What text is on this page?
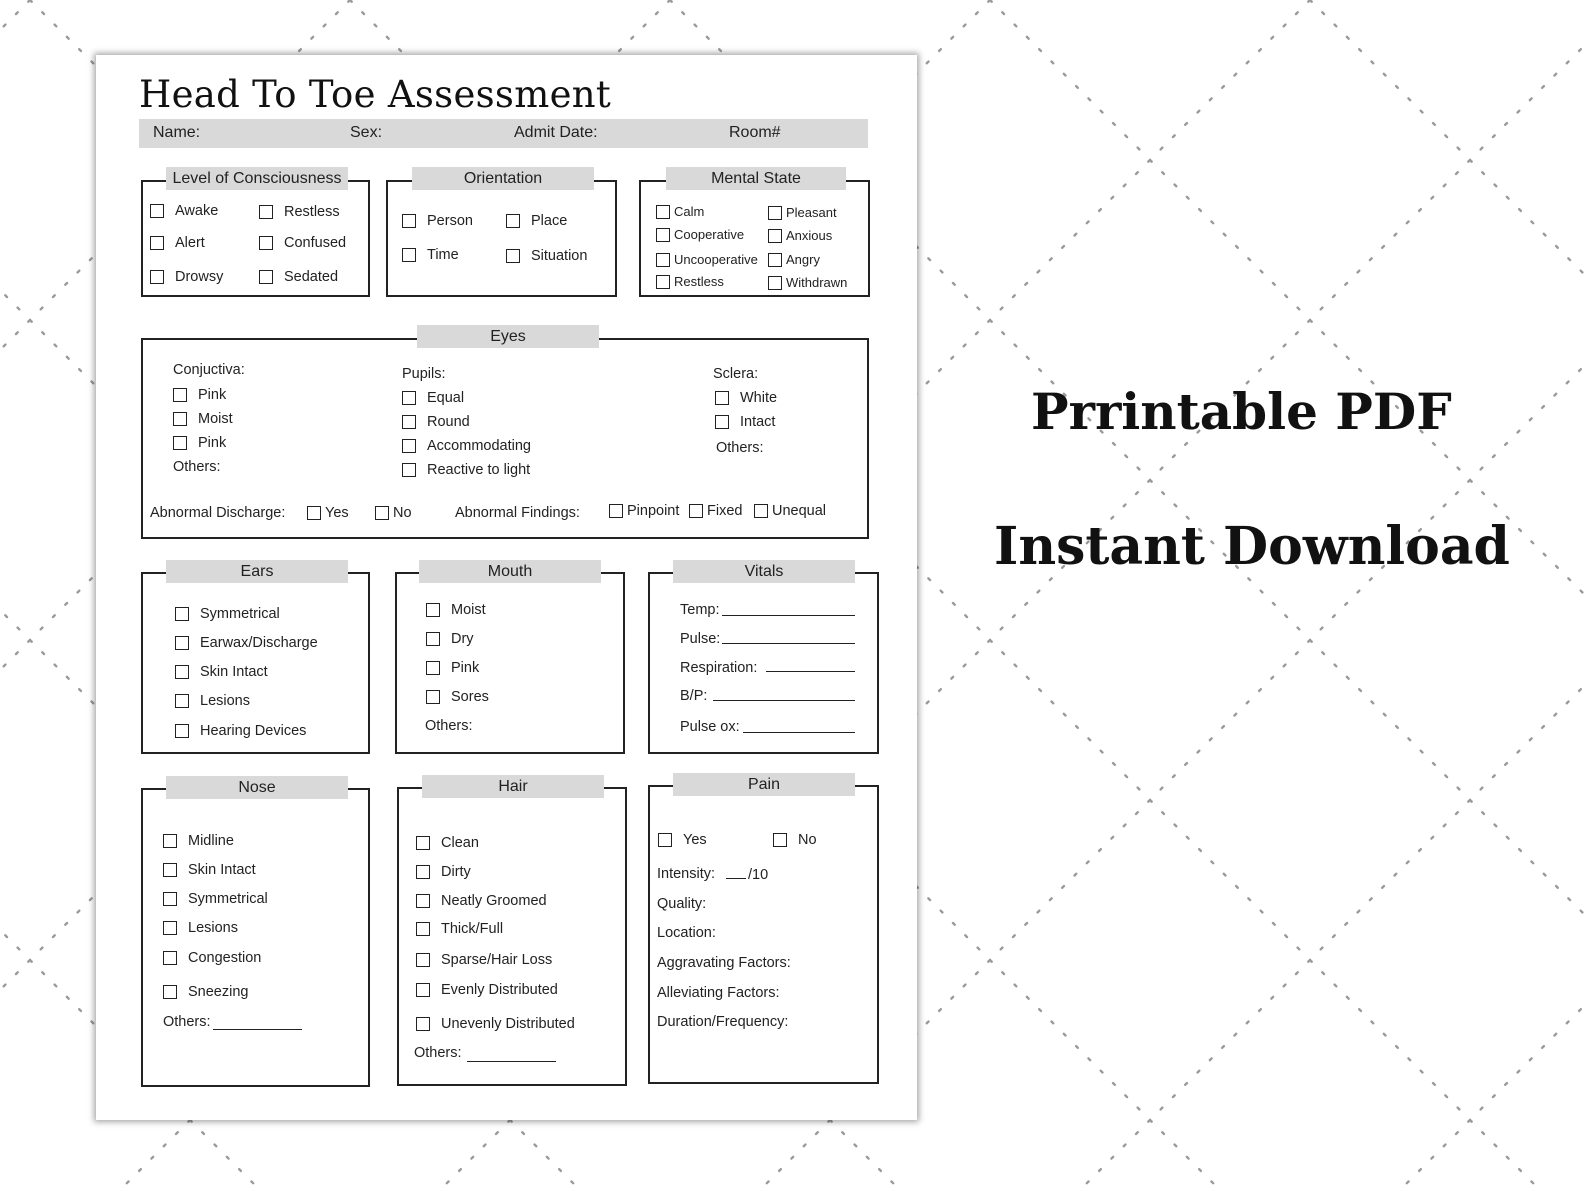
Prrintable PDF
Instant Download
Head To Toe Assessment
Name:	Sex:	Admit Date:	Room#
Level of Consciousness
Awake	Restless
Alert	Confused
Drowsy	Sedated
Orientation
Person	Place
Time	Situation
Mental State
Calm	Pleasant
Cooperative	Anxious
Uncooperative Angry
Restless	Withdrawn
Eyes
Conjuctiva:
Pink
Moist
Pink
Others:
Pupils:
Equal
Round
Accommodating
Reactive to light
Sclera:
White
Intact
Others:
Abnormal Discharge:	Yes	No	Abnormal Findings:	Pinpoint Fixed Unequal
Ears
Symmetrical
Earwax/Discharge
Skin Intact
Lesions
Hearing Devices
Mouth
Moist
Dry
Pink
Sores
Others:
Vitals
Temp:
Pulse:
Respiration:
B/P:
Pulse ox:
Nose
Midline
Skin Intact
Symmetrical
Lesions
Congestion
Sneezing
Others:
Hair
Clean
Dirty
Neatly Groomed
Thick/Full
Sparse/Hair Loss
Evenly Distributed
Unevenly Distributed
Others:
Pain
Yes	No
Intensity: /10
Quality:
Location:
Aggravating Factors:
Alleviating Factors:
Duration/Frequency:
